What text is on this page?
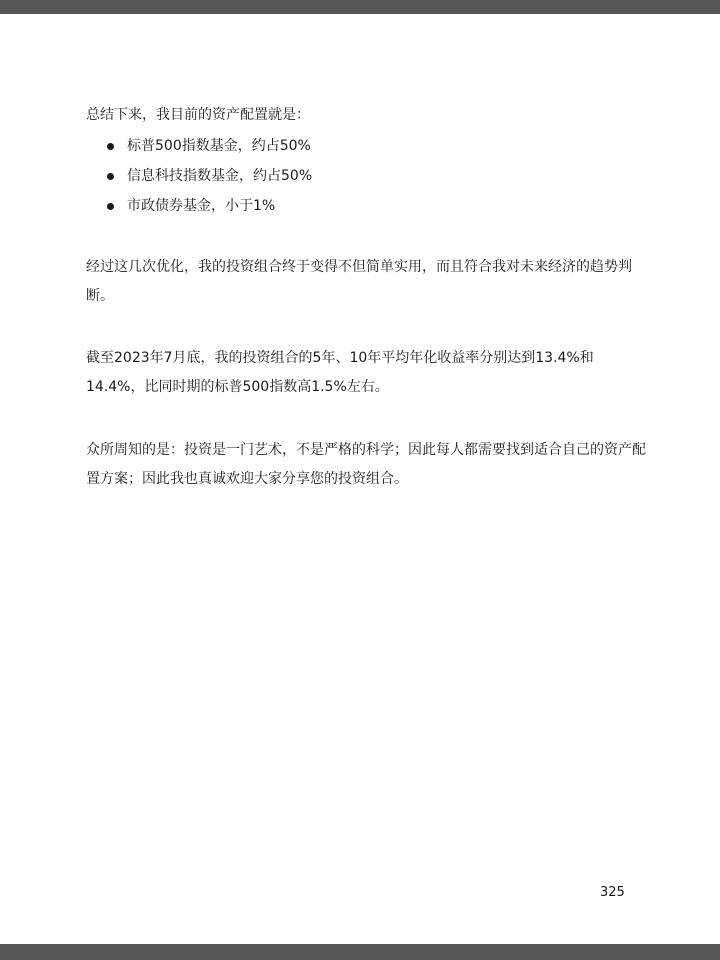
总结下来，我目前的资产配置就是：

标普500指数基金，约占50%
信息科技指数基金，约占50%
市政债券基金，小于1%

经过这几次优化，我的投资组合终于变得不但简单实用，而且符合我对未来经济的趋势判断。

截至2023年7月底，我的投资组合的5年、10年平均年化收益率分别达到13.4%和14.4%，比同时期的标普500指数高1.5%左右。

众所周知的是：投资是一门艺术，不是严格的科学；因此每人都需要找到适合自己的资产配置方案；因此我也真诚欢迎大家分享您的投资组合。

325
